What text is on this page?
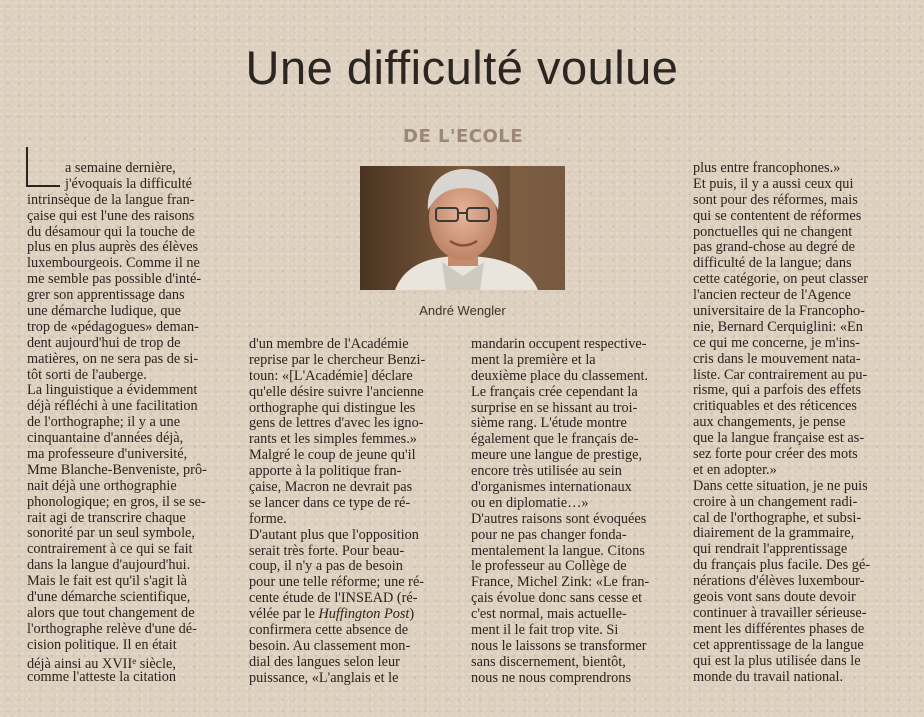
Une difficulté voulue
DE L'ECOLE
André Wengler
a semaine dernière,
j'évoquais la difficulté
intrinsèque de la langue fran-
çaise qui est l'une des raisons
du désamour qui la touche de
plus en plus auprès des élèves
luxembourgeois. Comme il ne
me semble pas possible d'inté-
grer son apprentissage dans
une démarche ludique, que
trop de «pédagogues» deman-
dent aujourd'hui de trop de
matières, on ne sera pas de si-
tôt sorti de l'auberge.
La linguistique a évidemment
déjà réfléchi à une facilitation
de l'orthographe; il y a une
cinquantaine d'années déjà,
ma professeure d'université,
Mme Blanche-Benveniste, prô-
nait déjà une orthographie
phonologique; en gros, il se se-
rait agi de transcrire chaque
sonorité par un seul symbole,
contrairement à ce qui se fait
dans la langue d'aujourd'hui.
Mais le fait est qu'il s'agit là
d'une démarche scientifique,
alors que tout changement de
l'orthographe relève d'une dé-
cision politique. Il en était
déjà ainsi au XVIIe siècle,
comme l'atteste la citation
d'un membre de l'Académie
reprise par le chercheur Benzi-
toun: «[L'Académie] déclare
qu'elle désire suivre l'ancienne
orthographe qui distingue les
gens de lettres d'avec les igno-
rants et les simples femmes.»
Malgré le coup de jeune qu'il
apporte à la politique fran-
çaise, Macron ne devrait pas
se lancer dans ce type de ré-
forme.
D'autant plus que l'opposition
serait très forte. Pour beau-
coup, il n'y a pas de besoin
pour une telle réforme; une ré-
cente étude de l'INSEAD (ré-
vélée par le Huffington Post)
confirmera cette absence de
besoin. Au classement mon-
dial des langues selon leur
puissance, «L'anglais et le
mandarin occupent respective-
ment la première et la
deuxième place du classement.
Le français crée cependant la
surprise en se hissant au troi-
sième rang. L'étude montre
également que le français de-
meure une langue de prestige,
encore très utilisée au sein
d'organismes internationaux
ou en diplomatie…»
D'autres raisons sont évoquées
pour ne pas changer fonda-
mentalement la langue. Citons
le professeur au Collège de
France, Michel Zink: «Le fran-
çais évolue donc sans cesse et
c'est normal, mais actuelle-
ment il le fait trop vite. Si
nous le laissons se transformer
sans discernement, bientôt,
nous ne nous comprendrons
plus entre francophones.»
Et puis, il y a aussi ceux qui
sont pour des réformes, mais
qui se contentent de réformes
ponctuelles qui ne changent
pas grand-chose au degré de
difficulté de la langue; dans
cette catégorie, on peut classer
l'ancien recteur de l'Agence
universitaire de la Francopho-
nie, Bernard Cerquiglini: «En
ce qui me concerne, je m'ins-
cris dans le mouvement nata-
liste. Car contrairement au pu-
risme, qui a parfois des effets
critiquables et des réticences
aux changements, je pense
que la langue française est as-
sez forte pour créer des mots
et en adopter.»
Dans cette situation, je ne puis
croire à un changement radi-
cal de l'orthographe, et subsi-
diairement de la grammaire,
qui rendrait l'apprentissage
du français plus facile. Des gé-
nérations d'élèves luxembour-
geois vont sans doute devoir
continuer à travailler sérieuse-
ment les différentes phases de
cet apprentissage de la langue
qui est la plus utilisée dans le
monde du travail national.
